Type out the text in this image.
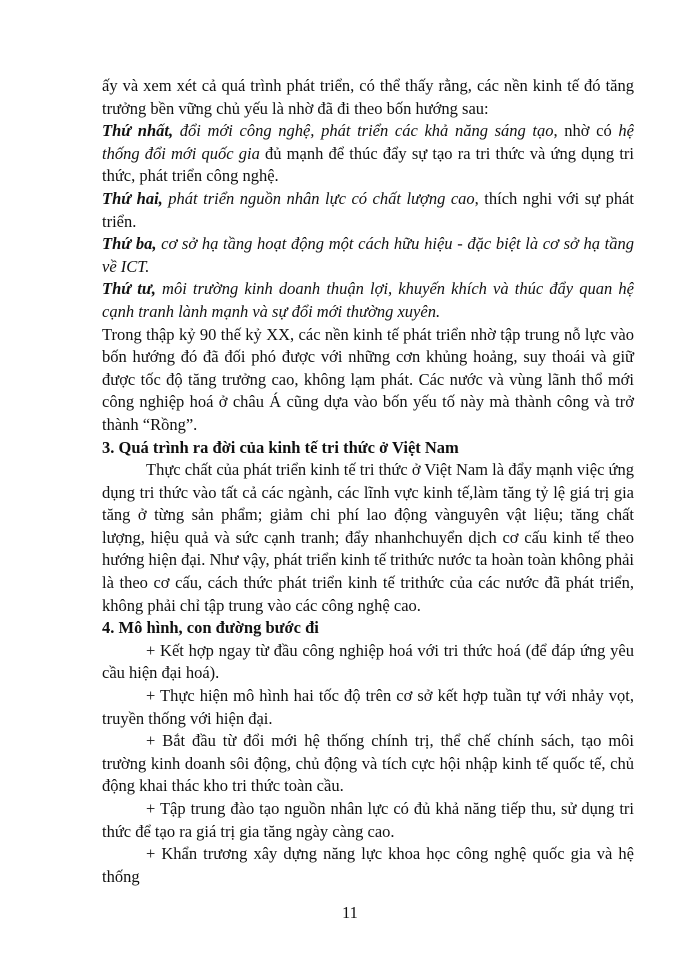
ấy và xem xét cả quá trình phát triển, có thể thấy rằng, các nền kinh tế đó tăng trưởng bền vững chủ yếu là nhờ đã đi theo bốn hướng sau:

Thứ nhất, đổi mới công nghệ, phát triển các khả năng sáng tạo, nhờ có hệ thống đổi mới quốc gia đủ mạnh để thúc đẩy sự tạo ra tri thức và ứng dụng tri thức, phát triển công nghệ.

Thứ hai, phát triển nguồn nhân lực có chất lượng cao, thích nghi với sự phát triển.

Thứ ba, cơ sở hạ tầng hoạt động một cách hữu hiệu - đặc biệt là cơ sở hạ tầng về ICT.

Thứ tư, môi trường kinh doanh thuận lợi, khuyến khích và thúc đẩy quan hệ cạnh tranh lành mạnh và sự đổi mới thường xuyên.

Trong thập kỷ 90 thế kỷ XX, các nền kinh tế phát triển nhờ tập trung nỗ lực vào bốn hướng đó đã đối phó được với những cơn khủng hoảng, suy thoái và giữ được tốc độ tăng trưởng cao, không lạm phát. Các nước và vùng lãnh thổ mới công nghiệp hoá ở châu Á cũng dựa vào bốn yếu tố này mà thành công và trở thành “Rồng”.

3. Quá trình ra đời của kinh tế tri thức ở Việt Nam

Thực chất của phát triển kinh tế tri thức ở Việt Nam là đẩy mạnh việc ứng dụng tri thức vào tất cả các ngành, các lĩnh vực kinh tế,làm tăng tỷ lệ giá trị gia tăng ở từng sản phẩm; giảm chi phí lao động vànguyên vật liệu; tăng chất lượng, hiệu quả và sức cạnh tranh; đẩy nhanhchuyển dịch cơ cấu kinh tế theo hướng hiện đại. Như vậy, phát triển kinh tế trithức nước ta hoàn toàn không phải là theo cơ cấu, cách thức phát triển kinh tế trithức của các nước đã phát triển, không phải chỉ tập trung vào các công nghệ cao.

4. Mô hình, con đường bước đi

+ Kết hợp ngay từ đầu công nghiệp hoá với tri thức hoá (để đáp ứng yêu cầu hiện đại hoá).

+ Thực hiện mô hình hai tốc độ trên cơ sở kết hợp tuần tự với nhảy vọt, truyền thống với hiện đại.

+ Bắt đầu từ đổi mới hệ thống chính trị, thể chế chính sách, tạo môi trường kinh doanh sôi động, chủ động và tích cực hội nhập kinh tế quốc tế, chủ động khai thác kho tri thức toàn cầu.

+ Tập trung đào tạo nguồn nhân lực có đủ khả năng tiếp thu, sử dụng tri thức để tạo ra giá trị gia tăng ngày càng cao.

+ Khẩn trương xây dựng năng lực khoa học công nghệ quốc gia và hệ thống

11
